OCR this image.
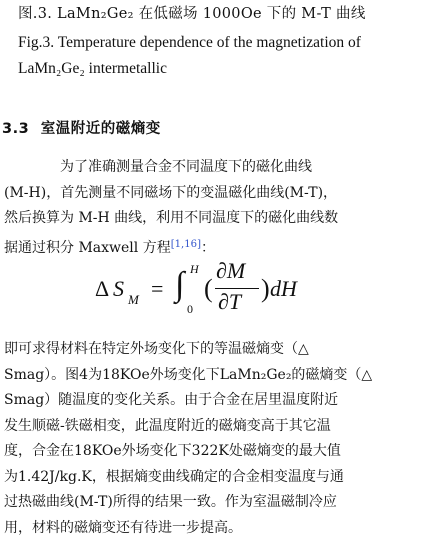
图.3. LaMn₂Ge₂ 在低磁场 1000Oe 下的 M-T 曲线
Fig.3. Temperature dependence of the magnetization of
LaMn₂Ge₂ intermetallic
3.3 室温附近的磁熵变
为了准确测量合金不同温度下的磁化曲线
(M-H)，首先测量不同磁场下的变温磁化曲线(M-T)，
然后换算为 M-H 曲线，利用不同温度下的磁化曲线数
据通过积分 Maxwell 方程[1,16]：
Δ S M = ∫ H
0
(
∂M
∂T ) dH
即可求得材料在特定外场变化下的等温磁熵变（△
Smag）。图4为18KOe外场变化下LaMn₂Ge₂的磁熵变（△
Smag）随温度的变化关系。由于合金在居里温度附近
发生顺磁-铁磁相变，此温度附近的磁熵变高于其它温
度，合金在18KOe外场变化下322K处磁熵变的最大值
为1.42J/kg.K，根据熵变曲线确定的合金相变温度与通
过热磁曲线(M-T)所得的结果一致。作为室温磁制冷应
用，材料的磁熵变还有待进一步提高。
